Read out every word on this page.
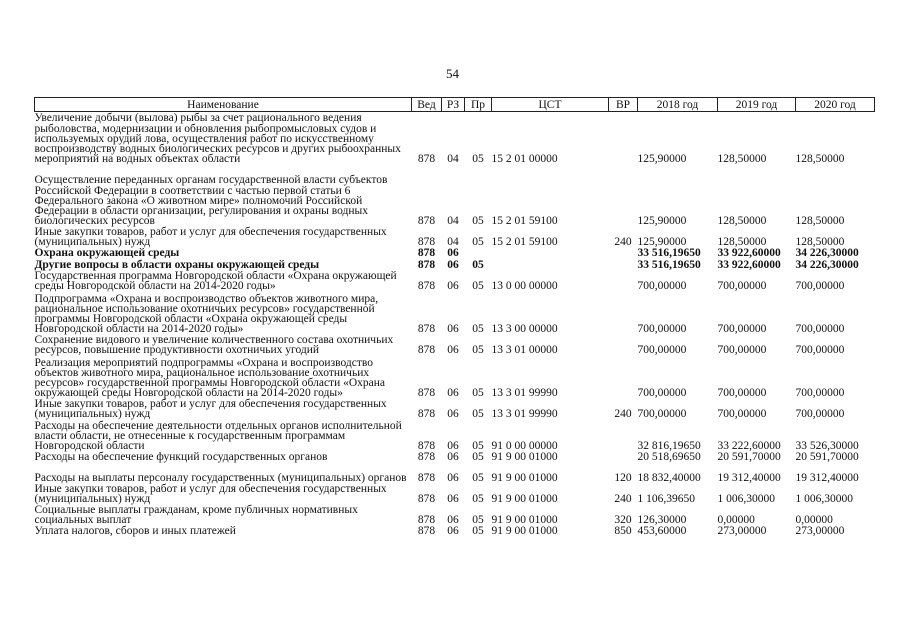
54
Наименование	Вед	РЗ	Пр	ЦСТ	ВР	2018 год	2019 год	2020 год
Увеличение добычи (вылова) рыбы за счет рационального ведения рыболовства, модернизации и обновления рыбопромысловых судов и используемых орудий лова, осуществления работ по искусственному воспроизводству водных биологических ресурсов и других рыбоохранных мероприятий на водных объектах области	878	04	05	15 2 01 00000		125,90000	128,50000	128,50000
Осуществление переданных органам государственной власти субъектов Российской Федерации в соответствии с частью первой статьи 6 Федерального закона «О животном мире» полномочий Российской Федерации в области организации, регулирования и охраны водных биологических ресурсов	878	04	05	15 2 01 59100		125,90000	128,50000	128,50000
Иные закупки товаров, работ и услуг для обеспечения государственных (муниципальных) нужд	878	04	05	15 2 01 59100	240	125,90000	128,50000	128,50000
Охрана окружающей среды	878	06				33 516,19650	33 922,60000	34 226,30000
Другие вопросы в области охраны окружающей среды	878	06	05			33 516,19650	33 922,60000	34 226,30000
Государственная программа Новгородской области «Охрана окружающей среды Новгородской области на 2014-2020 годы»	878	06	05	13 0 00 00000		700,00000	700,00000	700,00000
Подпрограмма «Охрана и воспроизводство объектов животного мира, рациональное использование охотничьих ресурсов» государственной программы Новгородской области «Охрана окружающей среды Новгородской области на 2014-2020 годы»	878	06	05	13 3 00 00000		700,00000	700,00000	700,00000
Сохранение видового и увеличение количественного состава охотничьих ресурсов, повышение продуктивности охотничьих угодий	878	06	05	13 3 01 00000		700,00000	700,00000	700,00000
Реализация мероприятий подпрограммы «Охрана и воспроизводство объектов животного мира, рациональное использование охотничьих ресурсов» государственной программы Новгородской области «Охрана окружающей среды Новгородской области на 2014-2020 годы»	878	06	05	13 3 01 99990		700,00000	700,00000	700,00000
Иные закупки товаров, работ и услуг для обеспечения государственных (муниципальных) нужд	878	06	05	13 3 01 99990	240	700,00000	700,00000	700,00000
Расходы на обеспечение деятельности отдельных органов исполнительной власти области, не отнесенные к государственным программам Новгородской области	878	06	05	91 0 00 00000		32 816,19650	33 222,60000	33 526,30000
Расходы на обеспечение функций государственных органов	878	06	05	91 9 00 01000		20 518,69650	20 591,70000	20 591,70000
Расходы на выплаты персоналу государственных (муниципальных) органов	878	06	05	91 9 00 01000	120	18 832,40000	19 312,40000	19 312,40000
Иные закупки товаров, работ и услуг для обеспечения государственных (муниципальных) нужд	878	06	05	91 9 00 01000	240	1 106,39650	1 006,30000	1 006,30000
Социальные выплаты гражданам, кроме публичных нормативных социальных выплат	878	06	05	91 9 00 01000	320	126,30000	0,00000	0,00000
Уплата налогов, сборов и иных платежей	878	06	05	91 9 00 01000	850	453,60000	273,00000	273,00000
